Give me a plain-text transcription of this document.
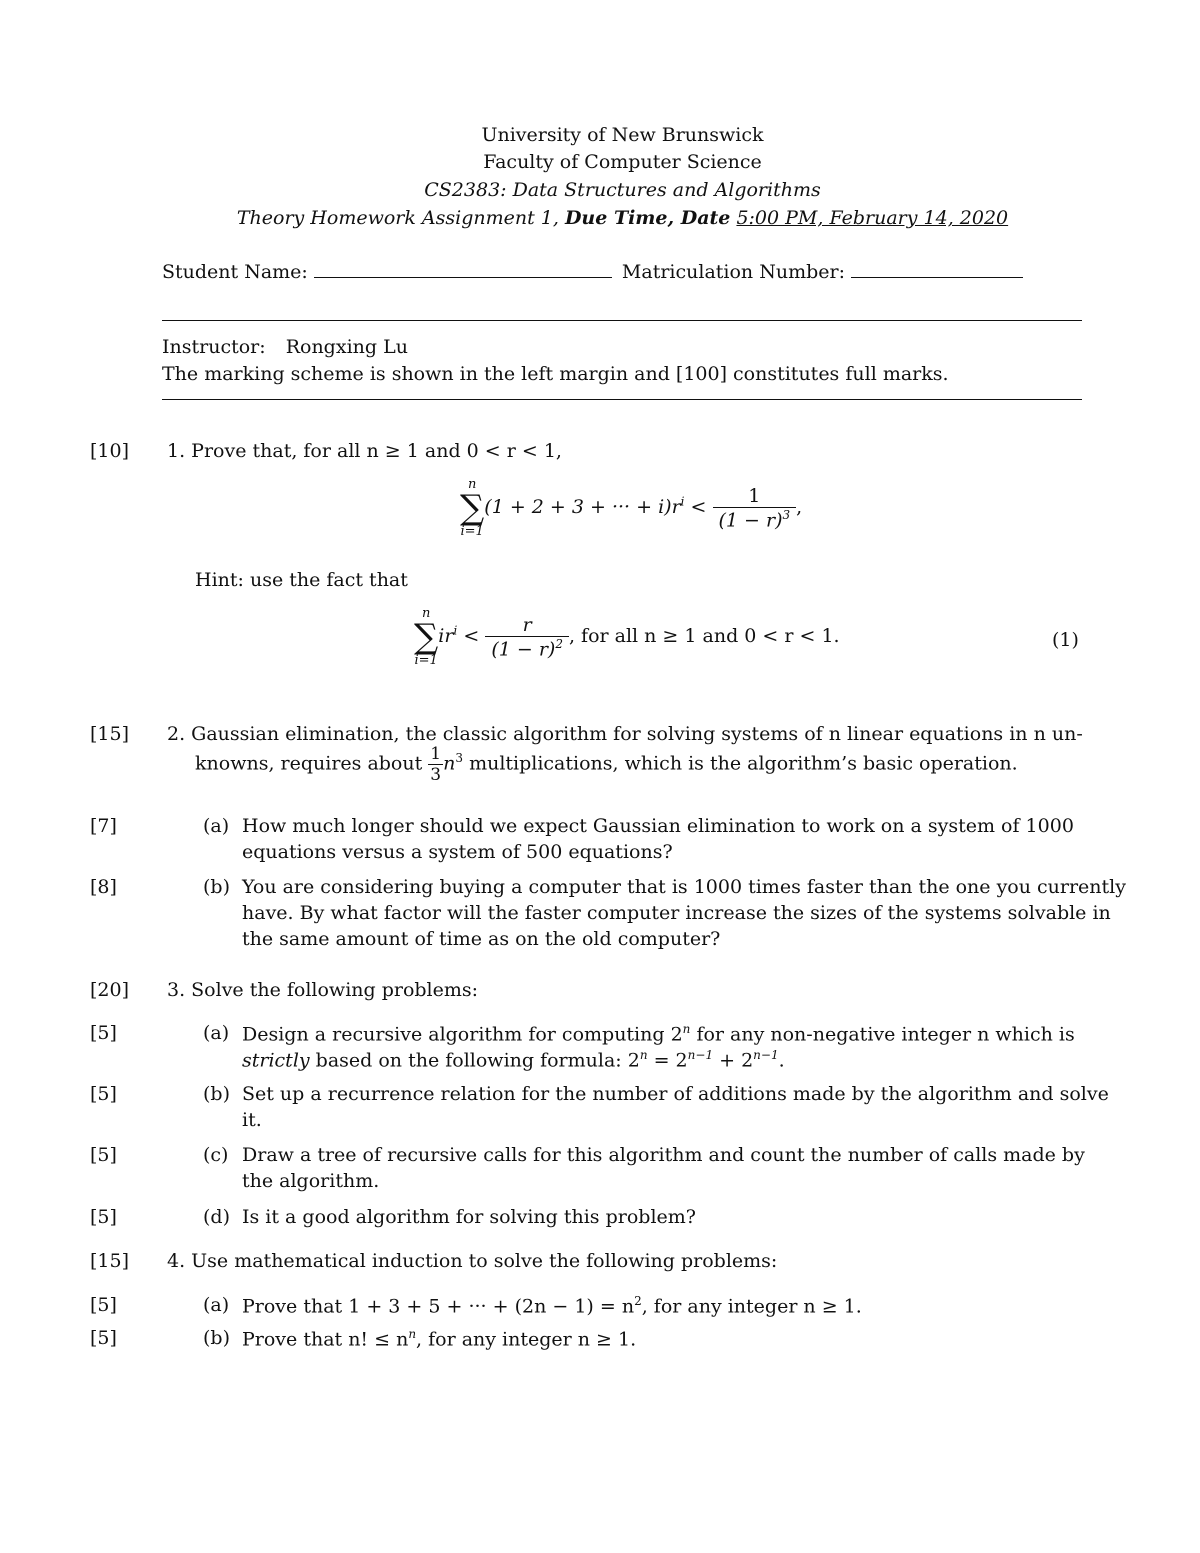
University of New Brunswick
Faculty of Computer Science
CS2383: Data Structures and Algorithms
Theory Homework Assignment 1, Due Time, Date 5:00 PM, February 14, 2020
Student Name:	Matriculation Number:
Instructor: Rongxing Lu
The marking scheme is shown in the left margin and [100] constitutes full marks.
[10] 1. Prove that, for all n ≥ 1 and 0 < r < 1,
n
∑
i=1
(1 + 2 + 3 + ··· + $i)r^i < \frac{1}{(1 - r)^3}$ ,
Hint: use the fact that
n
∑
i=1
$ir^i < \frac{r}{(1 - r)^2}$ , for all n ≥ 1 and 0 < r < 1.	(1)
[15] 2. Gaussian elimination, the classic algorithm for solving systems of n linear equations in n un-
knowns, requires about $\frac{1}{3} n^3$ multiplications, which is the algorithm’s basic operation.
[7]	(a) How much longer should we expect Gaussian elimination to work on a system of 1000
equations versus a system of 500 equations?
[8]	(b) You are considering buying a computer that is 1000 times faster than the one you currently
have. By what factor will the faster computer increase the sizes of the systems solvable in
the same amount of time as on the old computer?
[20] 3. Solve the following problems:
[5]	(a) Design a recursive algorithm for computing 2$^n$ for any non-negative integer n which is
strictly based on the following formula: $2^n = 2^{n-1} + 2^{n-1}$.
[5]	(b) Set up a recurrence relation for the number of additions made by the algorithm and solve
it.
[5]	(c) Draw a tree of recursive calls for this algorithm and count the number of calls made by
the algorithm.
[5]	(d) Is it a good algorithm for solving this problem?
[15] 4. Use mathematical induction to solve the following problems:
[5]	(a) Prove that 1 + 3 + 5 + ··· + $(2n - 1) = n^2$, for any integer n ≥ 1.
[5]	(b) Prove that n! ≤ $n^n$, for any integer n ≥ 1.
